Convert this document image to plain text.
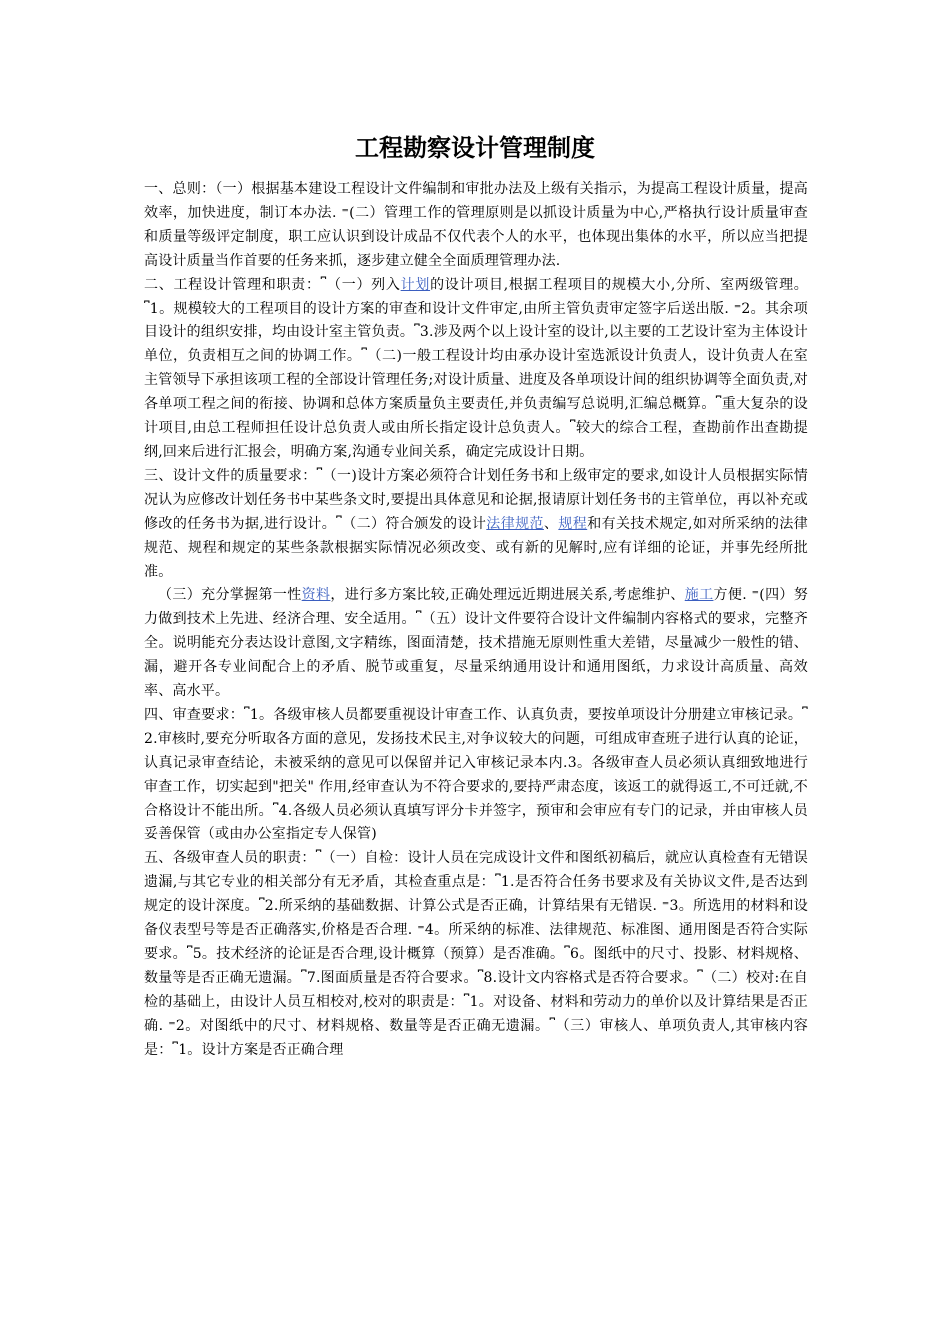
工程勘察设计管理制度

一、总则：（一）根据基本建设工程设计文件编制和审批办法及上级有关指示，为提高工程设计质量，提高效率，加快进度，制订本办法. ⁼(二）管理工作的管理原则是以抓设计质量为中心,严格执行设计质量审查和质量等级评定制度，职工应认识到设计成品不仅代表个人的水平，也体现出集体的水平，所以应当把提高设计质量当作首要的任务来抓，逐步建立健全全面质理管理办法.

二、工程设计管理和职责：⎴（一）列入计划的设计项目,根据工程项目的规模大小,分所、室两级管理。⎴1。规模较大的工程项目的设计方案的审查和设计文件审定,由所主管负责审定签字后送出版. ⁼2。其余项目设计的组织安排，均由设计室主管负责。⎴3.涉及两个以上设计室的设计,以主要的工艺设计室为主体设计单位，负责相互之间的协调工作。⎴（二)一般工程设计均由承办设计室选派设计负责人，设计负责人在室主管领导下承担该项工程的全部设计管理任务;对设计质量、进度及各单项设计间的组织协调等全面负责,对各单项工程之间的衔接、协调和总体方案质量负主要责任,并负责编写总说明,汇编总概算。⎴重大复杂的设计项目,由总工程师担任设计总负责人或由所长指定设计总负责人。⎴较大的综合工程，查勘前作出查勘提纲,回来后进行汇报会，明确方案,沟通专业间关系，确定完成设计日期。

三、设计文件的质量要求：⎴（一)设计方案必须符合计划任务书和上级审定的要求,如设计人员根据实际情况认为应修改计划任务书中某些条文时,要提出具体意见和论据,报请原计划任务书的主管单位，再以补充或修改的任务书为据,进行设计。⎴（二）符合颁发的设计法律规范、规程和有关技术规定,如对所采纳的法律规范、规程和规定的某些条款根据实际情况必须改变、或有新的见解时,应有详细的论证，并事先经所批准。

（三）充分掌握第一性资料，进行多方案比较,正确处理远近期进展关系,考虑维护、施工方便. ⁼(四）努力做到技术上先进、经济合理、安全适用。⎴（五）设计文件要符合设计文件编制内容格式的要求，完整齐全。说明能充分表达设计意图,文字精练，图面清楚，技术措施无原则性重大差错，尽量减少一般性的错、漏，避开各专业间配合上的矛盾、脱节或重复，尽量采纳通用设计和通用图纸，力求设计高质量、高效率、高水平。

四、审查要求：⎴1。各级审核人员都要重视设计审查工作、认真负责，要按单项设计分册建立审核记录。⎴　 2.审核时,要充分听取各方面的意见，发扬技术民主,对争议较大的问题，可组成审查班子进行认真的论证，认真记录审查结论，未被采纳的意见可以保留并记入审核记录本内.3。各级审查人员必须认真细致地进行审查工作，切实起到"把关" 作用,经审查认为不符合要求的,要持严肃态度，该返工的就得返工,不可迁就,不合格设计不能出所。⎴4.各级人员必须认真填写评分卡并签字，预审和会审应有专门的记录，并由审核人员妥善保管（或由办公室指定专人保管)

五、各级审查人员的职责：⎴（一）自检：设计人员在完成设计文件和图纸初稿后，就应认真检查有无错误遗漏,与其它专业的相关部分有无矛盾，其检查重点是：⎴1.是否符合任务书要求及有关协议文件,是否达到规定的设计深度。⎴2.所采纳的基础数据、计算公式是否正确，计算结果有无错误. ⁼3。所选用的材料和设备仪表型号等是否正确落实,价格是否合理. ⁼4。所采纳的标准、法律规范、标准图、通用图是否符合实际要求。⎴5。技术经济的论证是否合理,设计概算（预算）是否准确。⎴6。图纸中的尺寸、投影、材料规格、数量等是否正确无遗漏。⎴7.图面质量是否符合要求。⎴8.设计文内容格式是否符合要求。⎴（二）校对:在自检的基础上，由设计人员互相校对,校对的职责是：⎴1。对设备、材料和劳动力的单价以及计算结果是否正确. ⁼2。对图纸中的尺寸、材料规格、数量等是否正确无遗漏。⎴（三）审核人、单项负责人,其审核内容是：⎴1。设计方案是否正确合理
